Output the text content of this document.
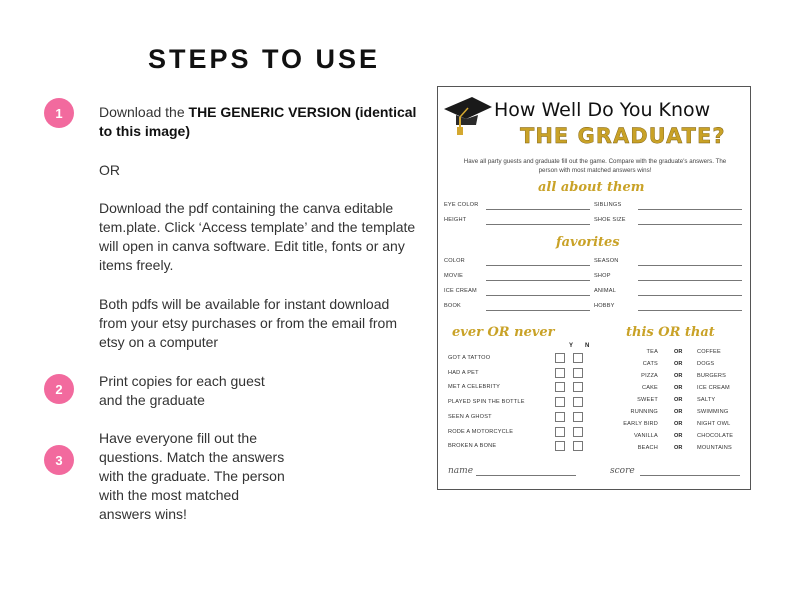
STEPS TO USE
1	Download the THE GENERIC VERSION (identical to this image)
OR
Download the pdf containing the canva editable tem.plate. Click ‘Access template’ and the template will open in canva software. Edit title, fonts or any items freely.
Both pdfs will be available for instant download from your etsy purchases or from the email from etsy on a computer
2	Print copies for each guest and the graduate
3
Have everyone fill out the questions. Match the answers with the graduate. The person with the most matched answers wins!
How Well Do You Know
THE GRADUATE?
Have all party guests and graduate fill out the game. Compare with the graduate's answers. The person with most matched answers wins!
all about them
EYE COLOR	SIBLINGS
HEIGHT	SHOE SIZE
favorites
COLOR	SEASON
MOVIE	SHOP
ICE CREAM	ANIMAL
BOOK	HOBBY
ever OR never
Y N
GOT A TATTOO
HAD A PET
MET A CELEBRITY
PLAYED SPIN THE BOTTLE
SEEN A GHOST
RODE A MOTORCYCLE
BROKEN A BONE
this OR that
TEA	OR	COFFEE
CATS	OR	DOGS
PIZZA	OR	BURGERS
CAKE	OR	ICE CREAM
SWEET	OR	SALTY
RUNNING	OR	SWIMMING
EARLY BIRD	OR	NIGHT OWL
VANILLA	OR	CHOCOLATE
BEACH	OR	MOUNTAINS
name	score
